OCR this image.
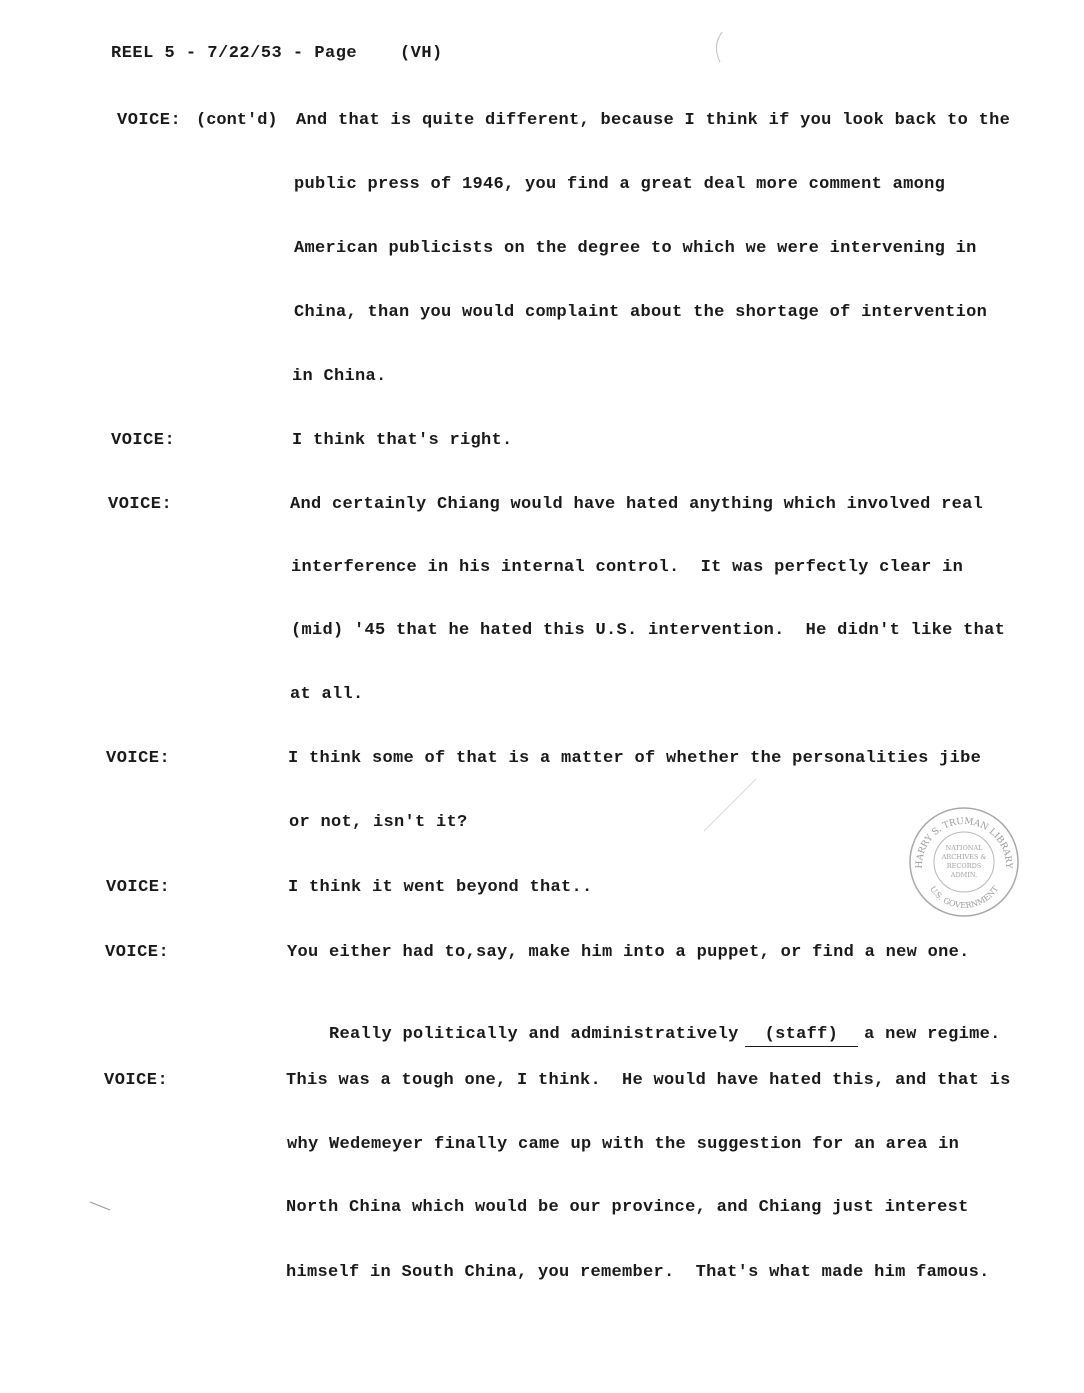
REEL 5 - 7/22/53 - Page    (VH)
VOICE: (cont'd) And that is quite different, because I think if you look back to the
public press of 1946, you find a great deal more comment among
American publicists on the degree to which we were intervening in
China, than you would complaint about the shortage of intervention
in China.
VOICE:	I think that's right.
VOICE:	And certainly Chiang would have hated anything which involved real
interference in his internal control.  It was perfectly clear in
(mid) '45 that he hated this U.S. intervention.  He didn't like that
at all.
VOICE:	I think some of that is a matter of whether the personalities jibe
or not, isn't it?
VOICE:	I think it went beyond that..
VOICE:	You either had to,say, make him into a puppet, or find a new one.

Really politically and administratively (staff) a new regime.

VOICE:	This was a tough one, I think.  He would have hated this, and that is
why Wedemeyer finally came up with the suggestion for an area in
North China which would be our province, and Chiang just interest
himself in South China, you remember.  That's what made him famous.
HARRY S. TRUMAN LIBRARY
U.S. GOVERNMENT
NATIONAL
ARCHIVES &
RECORDS
ADMIN.
